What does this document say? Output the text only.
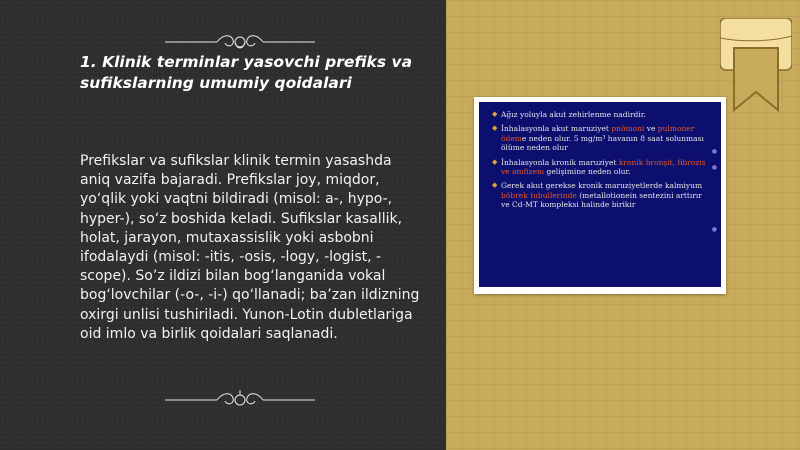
1. Klinik terminlar yasovchi prefiks va sufikslarning umumiy qoidalari

Prefikslar va sufikslar klinik termin yasashda aniq vazifa bajaradi. Prefikslar joy, miqdor, yo‘qlik yoki vaqtni bildiradi (misol: a-, hypo-, hyper-), so‘z boshida keladi. Sufikslar kasallik, holat, jarayon, mutaxassislik yoki asbobni ifodalaydi (misol: -itis, -osis, -logy, -logist, -scope). So’z ildizi bilan bog‘langanida vokal bog‘lovchilar (-o-, -i-) qo‘llanadi; ba’zan ildizning oxirgi unlisi tushiriladi. Yunon-Lotin dubletlariga oid imlo va birlik qoidalari saqlanadi.

●
●
●
◆ Ağız yoluyla akut zehirlenme nadirdir.
◆ İnhalasyonla akut maruziyet pnömoni ve pulmoner ödeme neden olur. 5 mg/m³ havanın 8 saat solunması ölüme neden olur
◆ İnhalasyonla kronik maruziyet kronik bronşit, fibrozis ve amfizem gelişimine neden olur.
◆ Gerek akut gerekse kronik maruziyetlerde kalmiyum böbrek tubullerinde (metallotionein sentezini arttırır ve Cd-MT kompleksi halinde birikir
